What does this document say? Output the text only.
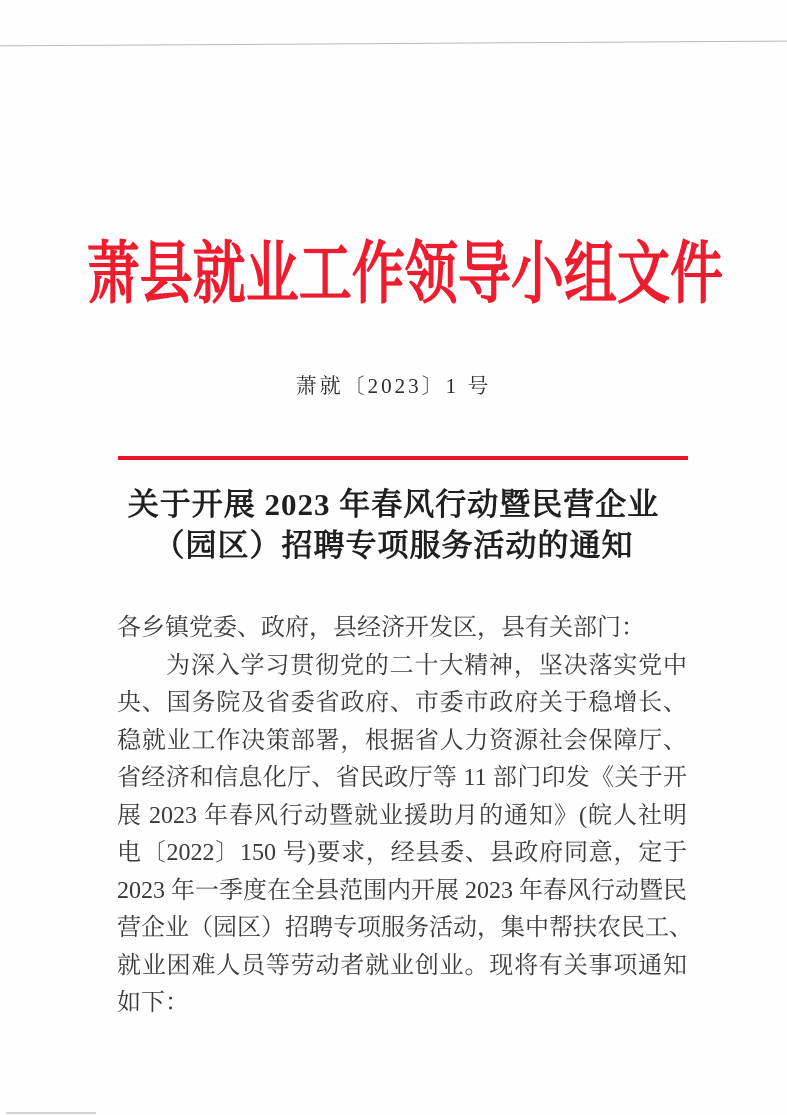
萧县就业工作领导小组文件
萧就〔2023〕1 号
关于开展 2023 年春风行动暨民营企业
（园区）招聘专项服务活动的通知
各乡镇党委、政府，县经济开发区，县有关部门：
为深入学习贯彻党的二十大精神，坚决落实党中
央、国务院及省委省政府、市委市政府关于稳增长、
稳就业工作决策部署，根据省人力资源社会保障厅、
省经济和信息化厅、省民政厅等 11 部门印发《关于开
展 2023 年春风行动暨就业援助月的通知》(皖人社明
电〔2022〕150 号)要求，经县委、县政府同意，定于
2023 年一季度在全县范围内开展 2023 年春风行动暨民
营企业（园区）招聘专项服务活动，集中帮扶农民工、
就业困难人员等劳动者就业创业。现将有关事项通知
如下：
